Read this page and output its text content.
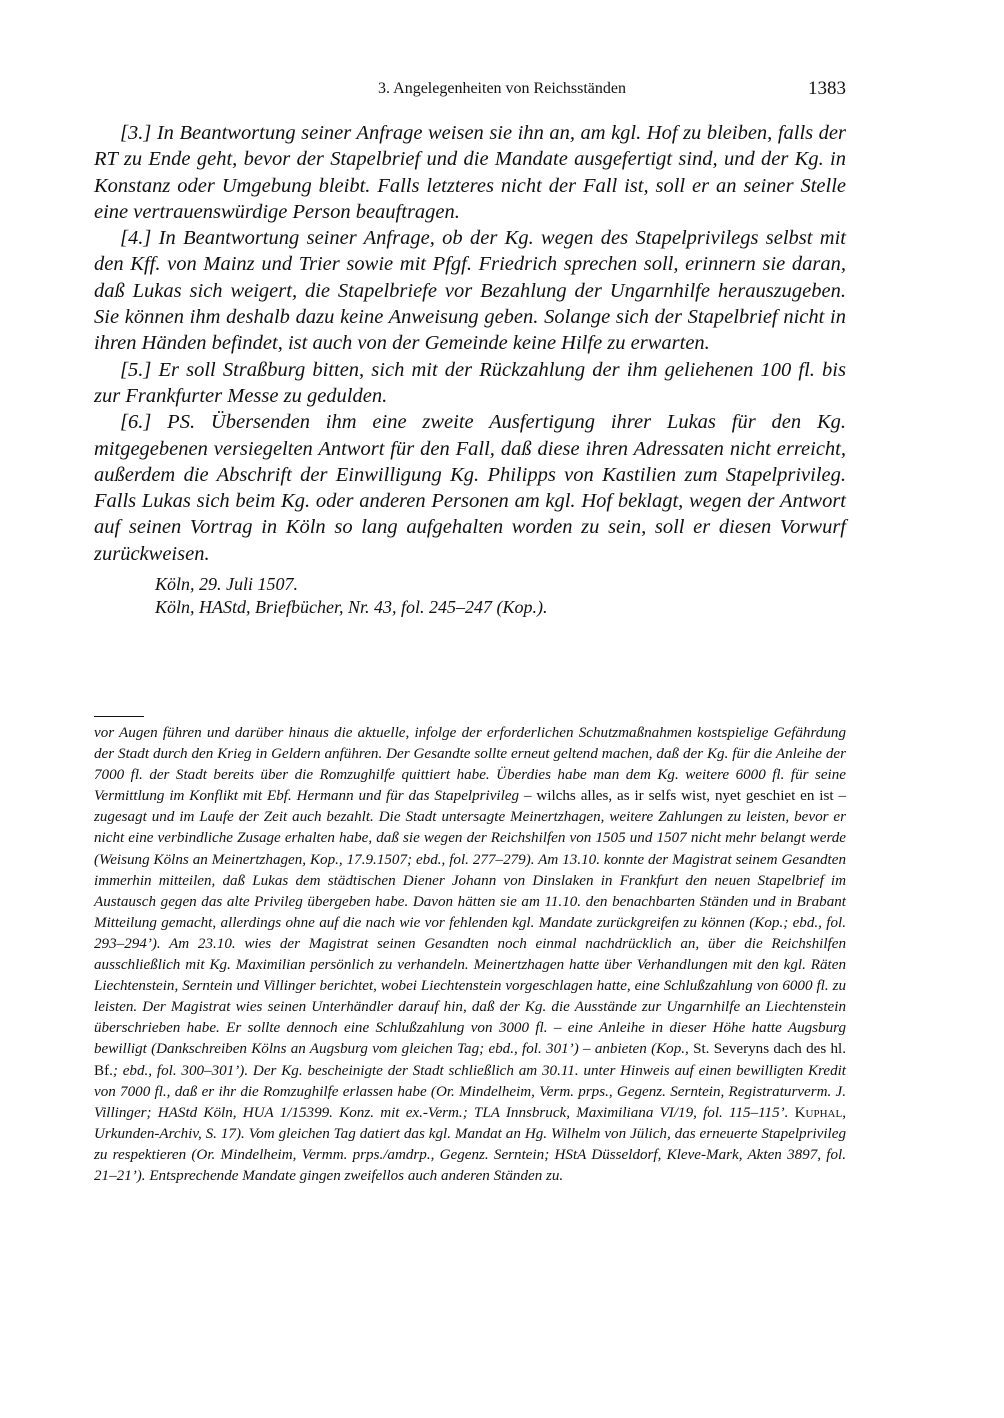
3. Angelegenheiten von Reichsständen	1383

[3.] In Beantwortung seiner Anfrage weisen sie ihn an, am kgl. Hof zu bleiben, falls der RT zu Ende geht, bevor der Stapelbrief und die Mandate ausgefertigt sind, und der Kg. in Konstanz oder Umgebung bleibt. Falls letzteres nicht der Fall ist, soll er an seiner Stelle eine vertrauenswürdige Person beauftragen.

[4.] In Beantwortung seiner Anfrage, ob der Kg. wegen des Stapelprivilegs selbst mit den Kff. von Mainz und Trier sowie mit Pfgf. Friedrich sprechen soll, erinnern sie daran, daß Lukas sich weigert, die Stapelbriefe vor Bezahlung der Ungarnhilfe herauszugeben. Sie können ihm deshalb dazu keine Anweisung geben. Solange sich der Stapelbrief nicht in ihren Händen befindet, ist auch von der Gemeinde keine Hilfe zu erwarten.

[5.] Er soll Straßburg bitten, sich mit der Rückzahlung der ihm geliehenen 100 fl. bis zur Frankfurter Messe zu gedulden.

[6.] PS. Übersenden ihm eine zweite Ausfertigung ihrer Lukas für den Kg. mitgegebenen versiegelten Antwort für den Fall, daß diese ihren Adressaten nicht erreicht, außerdem die Abschrift der Einwilligung Kg. Philipps von Kastilien zum Stapelprivileg. Falls Lukas sich beim Kg. oder anderen Personen am kgl. Hof beklagt, wegen der Antwort auf seinen Vortrag in Köln so lang aufgehalten worden zu sein, soll er diesen Vorwurf zurückweisen.

Köln, 29. Juli 1507.
Köln, HAStd, Briefbücher, Nr. 43, fol. 245–247 (Kop.).
vor Augen führen und darüber hinaus die aktuelle, infolge der erforderlichen Schutzmaßnahmen kostspielige Gefährdung der Stadt durch den Krieg in Geldern anführen. Der Gesandte sollte erneut geltend machen, daß der Kg. für die Anleihe der 7000 fl. der Stadt bereits über die Romzughilfe quittiert habe. Überdies habe man dem Kg. weitere 6000 fl. für seine Vermittlung im Konflikt mit Ebf. Hermann und für das Stapelprivileg – wilchs alles, as ir selfs wist, nyet geschiet en ist – zugesagt und im Laufe der Zeit auch bezahlt. Die Stadt untersagte Meinertzhagen, weitere Zahlungen zu leisten, bevor er nicht eine verbindliche Zusage erhalten habe, daß sie wegen der Reichshilfen von 1505 und 1507 nicht mehr belangt werde (Weisung Kölns an Meinertzhagen, Kop., 17.9.1507; ebd., fol. 277–279). Am 13.10. konnte der Magistrat seinem Gesandten immerhin mitteilen, daß Lukas dem städtischen Diener Johann von Dinslaken in Frankfurt den neuen Stapelbrief im Austausch gegen das alte Privileg übergeben habe. Davon hätten sie am 11.10. den benachbarten Ständen und in Brabant Mitteilung gemacht, allerdings ohne auf die nach wie vor fehlenden kgl. Mandate zurückgreifen zu können (Kop.; ebd., fol. 293–294’). Am 23.10. wies der Magistrat seinen Gesandten noch einmal nachdrücklich an, über die Reichshilfen ausschließlich mit Kg. Maximilian persönlich zu verhandeln. Meinertzhagen hatte über Verhandlungen mit den kgl. Räten Liechtenstein, Serntein und Villinger berichtet, wobei Liechtenstein vorgeschlagen hatte, eine Schlußzahlung von 6000 fl. zu leisten. Der Magistrat wies seinen Unterhändler darauf hin, daß der Kg. die Ausstände zur Ungarnhilfe an Liechtenstein überschrieben habe. Er sollte dennoch eine Schlußzahlung von 3000 fl. – eine Anleihe in dieser Höhe hatte Augsburg bewilligt (Dankschreiben Kölns an Augsburg vom gleichen Tag; ebd., fol. 301’) – anbieten (Kop., St. Severyns dach des hl. Bf.; ebd., fol. 300–301’). Der Kg. bescheinigte der Stadt schließlich am 30.11. unter Hinweis auf einen bewilligten Kredit von 7000 fl., daß er ihr die Romzughilfe erlassen habe (Or. Mindelheim, Verm. prps., Gegenz. Serntein, Registraturverm. J. Villinger; HAStd Köln, HUA 1/15399. Konz. mit ex.-Verm.; TLA Innsbruck, Maximiliana VI/19, fol. 115–115’. Kuphal, Urkunden-Archiv, S. 17). Vom gleichen Tag datiert das kgl. Mandat an Hg. Wilhelm von Jülich, das erneuerte Stapelprivileg zu respektieren (Or. Mindelheim, Vermm. prps./amdrp., Gegenz. Serntein; HStA Düsseldorf, Kleve-Mark, Akten 3897, fol. 21–21’). Entsprechende Mandate gingen zweifellos auch anderen Ständen zu.
